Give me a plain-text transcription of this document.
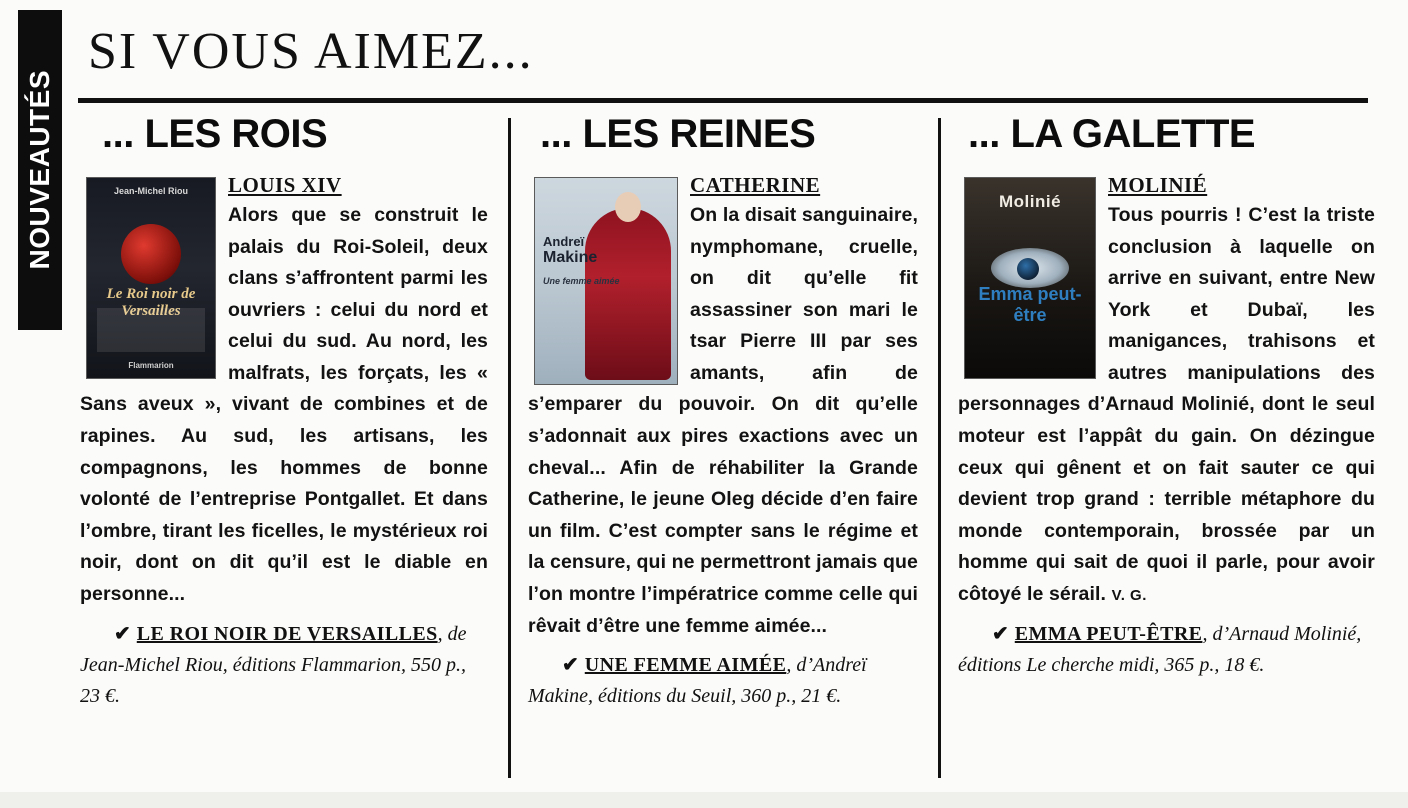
NOUVEAUTÉS
SI VOUS AIMEZ...
... LES ROIS
Jean-Michel Riou
Le Roi noir de Versailles
Flammarion
LOUIS XIV
Alors que se construit le palais du Roi-Soleil, deux clans s’affrontent parmi les ouvriers : celui du nord et celui du sud. Au nord, les malfrats, les forçats, les « Sans aveux », vivant de combines et de rapines. Au sud, les artisans, les compagnons, les hommes de bonne volonté de l’entreprise Pontgallet. Et dans l’ombre, tirant les ficelles, le mystérieux roi noir, dont on dit qu’il est le diable en personne...
✔ LE ROI NOIR DE VERSAILLES, de Jean-Michel Riou, éditions Flammarion, 550 p., 23 €.
... LES REINES
Andreï
Makine
Une femme aimée
CATHERINE
On la disait sanguinaire, nymphomane, cruelle, on dit qu’elle fit assassiner son mari le tsar Pierre III par ses amants, afin de s’emparer du pouvoir. On dit qu’elle s’adonnait aux pires exactions avec un cheval... Afin de réhabiliter la Grande Catherine, le jeune Oleg décide d’en faire un film. C’est compter sans le régime et la censure, qui ne permettront jamais que l’on montre l’impératrice comme celle qui rêvait d’être une femme aimée...
✔ UNE FEMME AIMÉE, d’Andreï Makine, éditions du Seuil, 360 p., 21 €.
... LA GALETTE
Molinié
Emma peut-être
MOLINIÉ
Tous pourris ! C’est la triste conclusion à laquelle on arrive en suivant, entre New York et Dubaï, les manigances, trahisons et autres manipulations des personnages d’Arnaud Molinié, dont le seul moteur est l’appât du gain. On dézingue ceux qui gênent et on fait sauter ce qui devient trop grand : terrible métaphore du monde contemporain, brossée par un homme qui sait de quoi il parle, pour avoir côtoyé le sérail. V. G.
✔ EMMA PEUT-ÊTRE, d’Arnaud Molinié, éditions Le cherche midi, 365 p., 18 €.
